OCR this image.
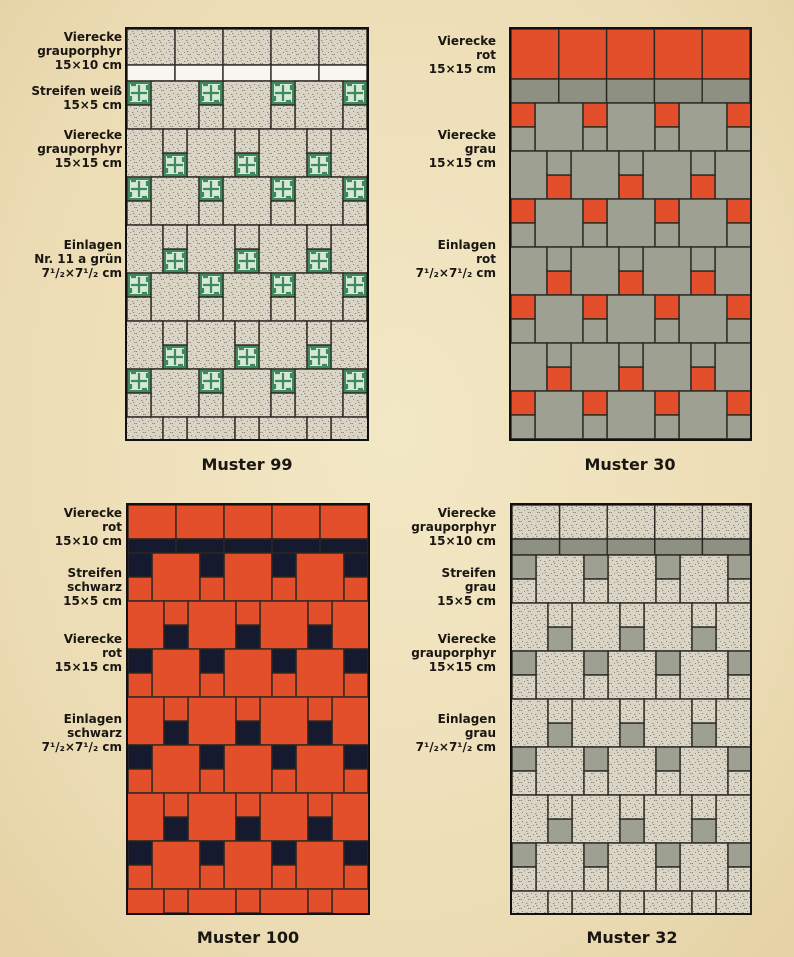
Vierecke
grauporphyr
15×10 cm
Streifen weiß
15×5 cm
Vierecke
grauporphyr
15×15 cm
Einlagen
Nr. 11 a grün
7¹/₂×7¹/₂ cm
Muster 99
Vierecke
rot
15×15 cm
Vierecke
grau
15×15 cm
Einlagen
rot
7¹/₂×7¹/₂ cm
Muster 30
Vierecke
rot
15×10 cm
Streifen
schwarz
15×5 cm
Vierecke
rot
15×15 cm
Einlagen
schwarz
7¹/₂×7¹/₂ cm
Muster 100
Vierecke
grauporphyr
15×10 cm
Streifen
grau
15×5 cm
Vierecke
grauporphyr
15×15 cm
Einlagen
grau
7¹/₂×7¹/₂ cm
Muster 32
